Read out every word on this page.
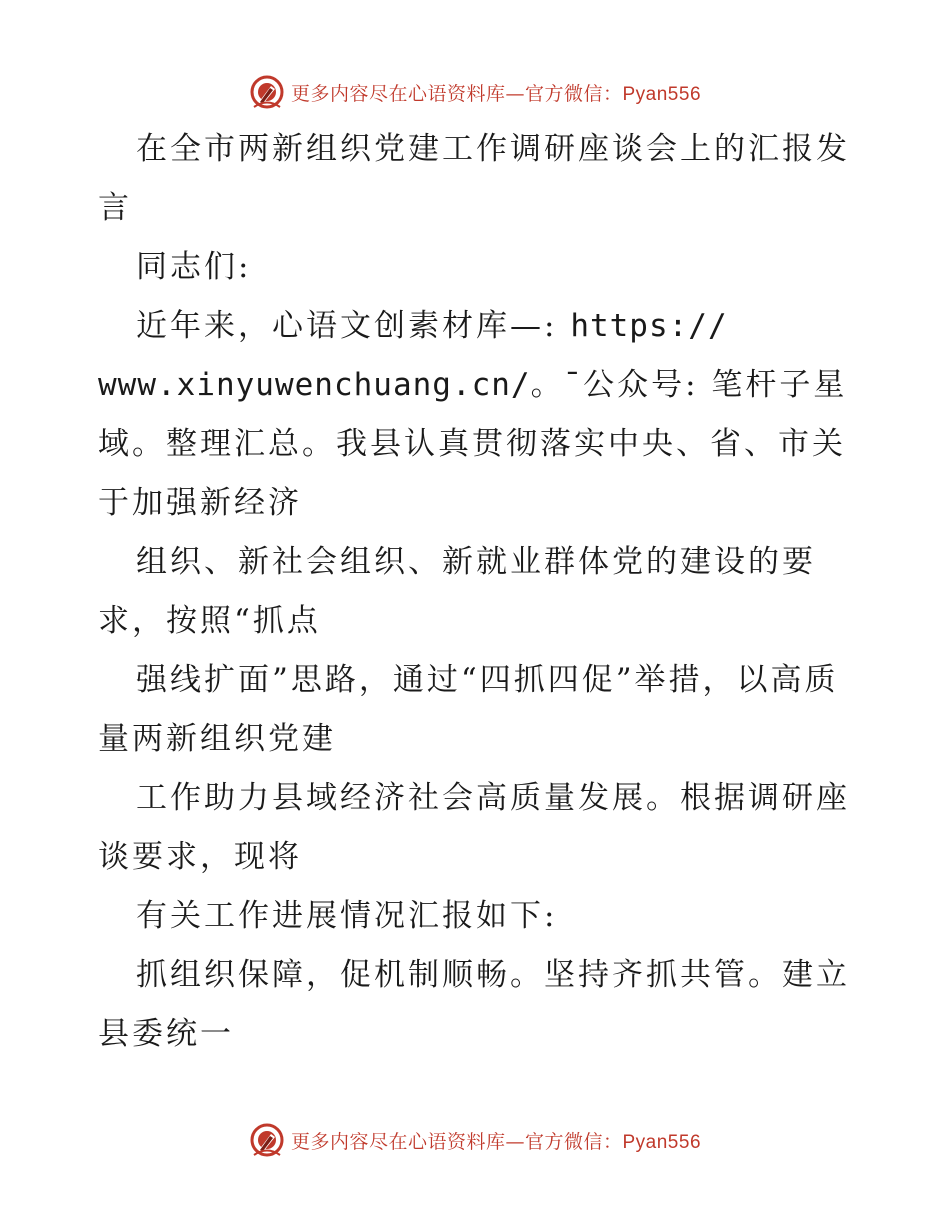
更多内容尽在心语资料库—官方微信：Pyan556

在全市两新组织党建工作调研座谈会上的汇报发言

同志们:

近年来，心语文创素材库—: https://

www.xinyuwenchuang.cn/。¯公众号: 笔杆子星

域。整理汇总。我县认真贯彻落实中央、省、市关于加强新经济

组织、新社会组织、新就业群体党的建设的要求，按照“抓点

强线扩面”思路，通过“四抓四促”举措，以高质量两新组织党建

工作助力县域经济社会高质量发展。根据调研座谈要求，现将

有关工作进展情况汇报如下:

抓组织保障，促机制顺畅。坚持齐抓共管。建立县委统一

更多内容尽在心语资料库—官方微信：Pyan556
